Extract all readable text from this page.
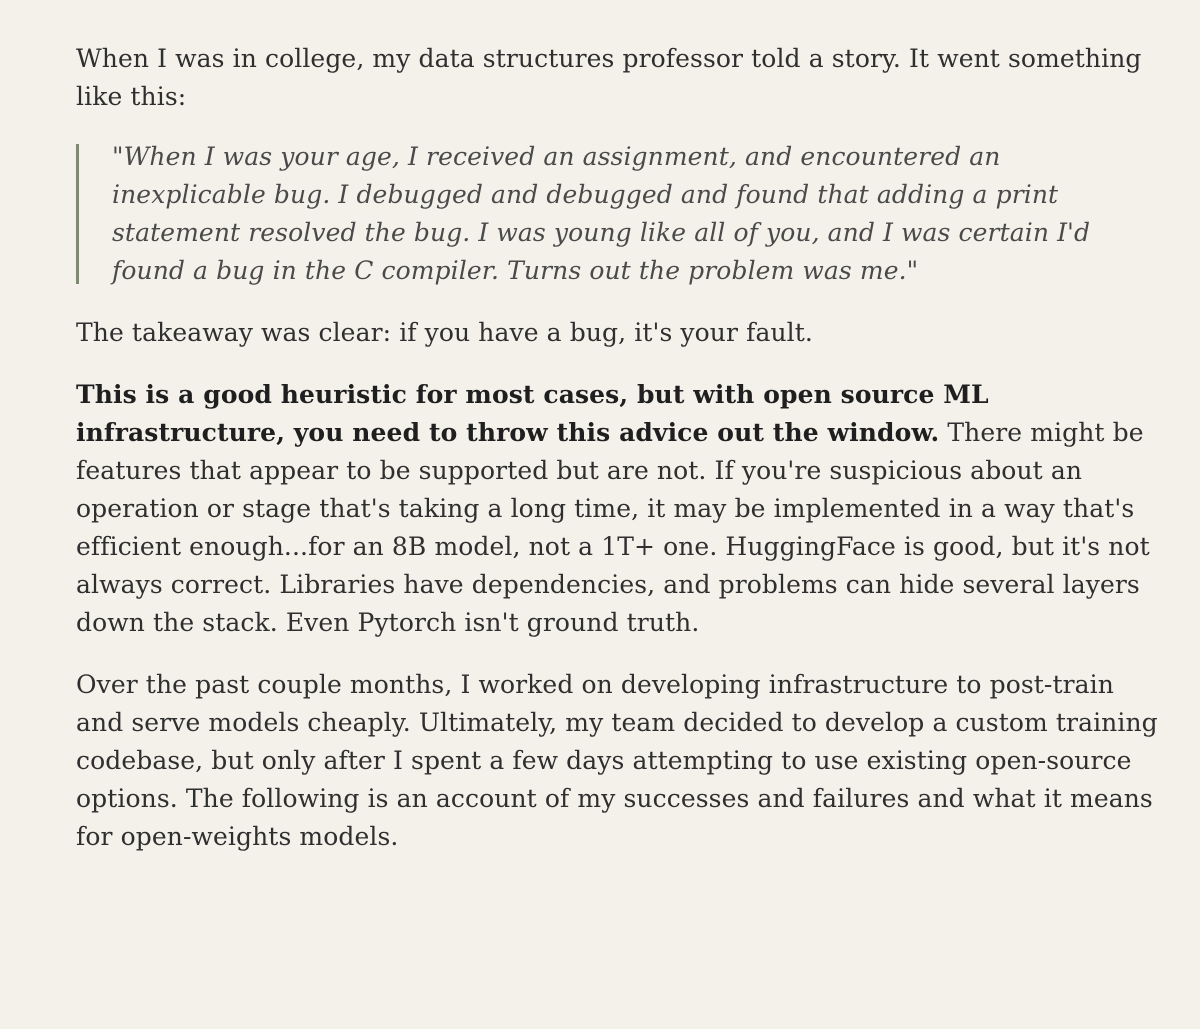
When I was in college, my data structures professor told a story. It went something like this:

"When I was your age, I received an assignment, and encountered an inexplicable bug. I debugged and debugged and found that adding a print statement resolved the bug. I was young like all of you, and I was certain I'd found a bug in the C compiler. Turns out the problem was me."

The takeaway was clear: if you have a bug, it's your fault.

This is a good heuristic for most cases, but with open source ML infrastructure, you need to throw this advice out the window. There might be features that appear to be supported but are not. If you're suspicious about an operation or stage that's taking a long time, it may be implemented in a way that's efficient enough...for an 8B model, not a 1T+ one. HuggingFace is good, but it's not always correct. Libraries have dependencies, and problems can hide several layers down the stack. Even Pytorch isn't ground truth.

Over the past couple months, I worked on developing infrastructure to post-train and serve models cheaply. Ultimately, my team decided to develop a custom training codebase, but only after I spent a few days attempting to use existing open-source options. The following is an account of my successes and failures and what it means for open-weights models.
